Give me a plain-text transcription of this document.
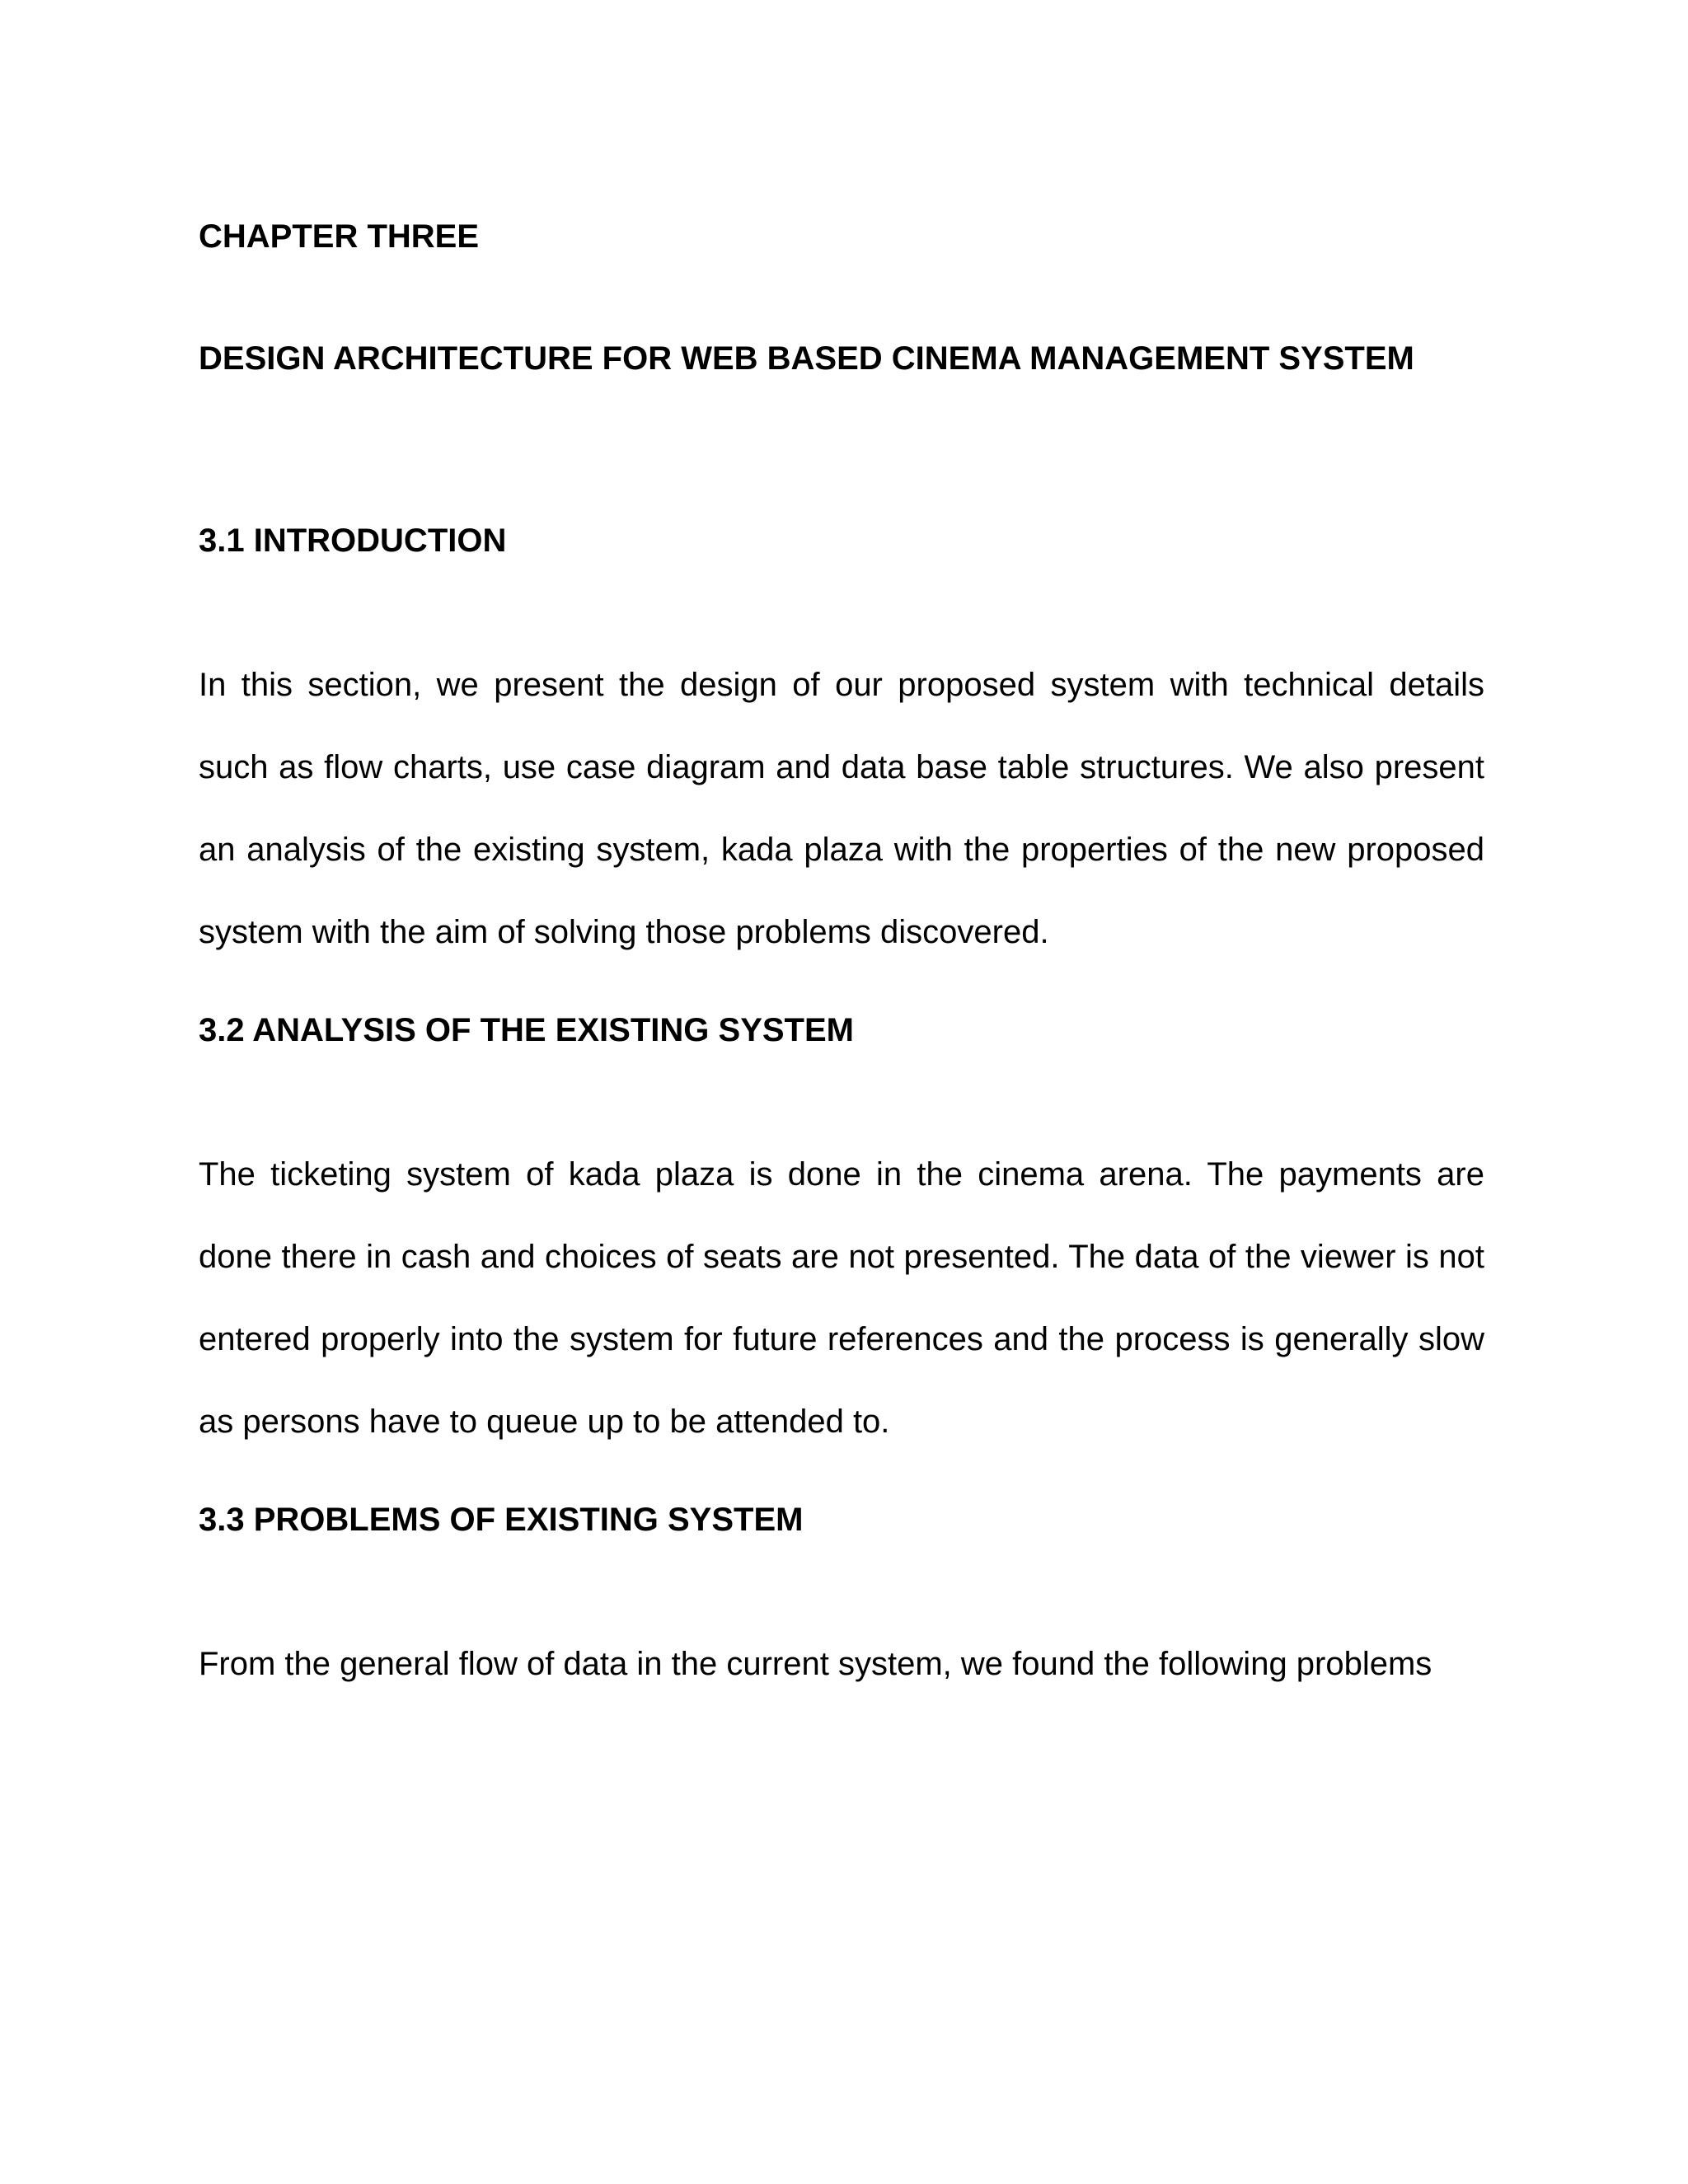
CHAPTER THREE
DESIGN ARCHITECTURE FOR WEB BASED CINEMA MANAGEMENT SYSTEM
3.1 INTRODUCTION

In this section, we present the design of our proposed system with technical details such as flow charts, use case diagram and data base table structures. We also present an analysis of the existing system, kada plaza with the properties of the new proposed system with the aim of solving those problems discovered.

3.2 ANALYSIS OF THE EXISTING SYSTEM

The ticketing system of kada plaza is done in the cinema arena. The payments are done there in cash and choices of seats are not presented. The data of the viewer is not entered properly into the system for future references and the process is generally slow as persons have to queue up to be attended to.

3.3 PROBLEMS OF EXISTING SYSTEM

From the general flow of data in the current system, we found the following problems
